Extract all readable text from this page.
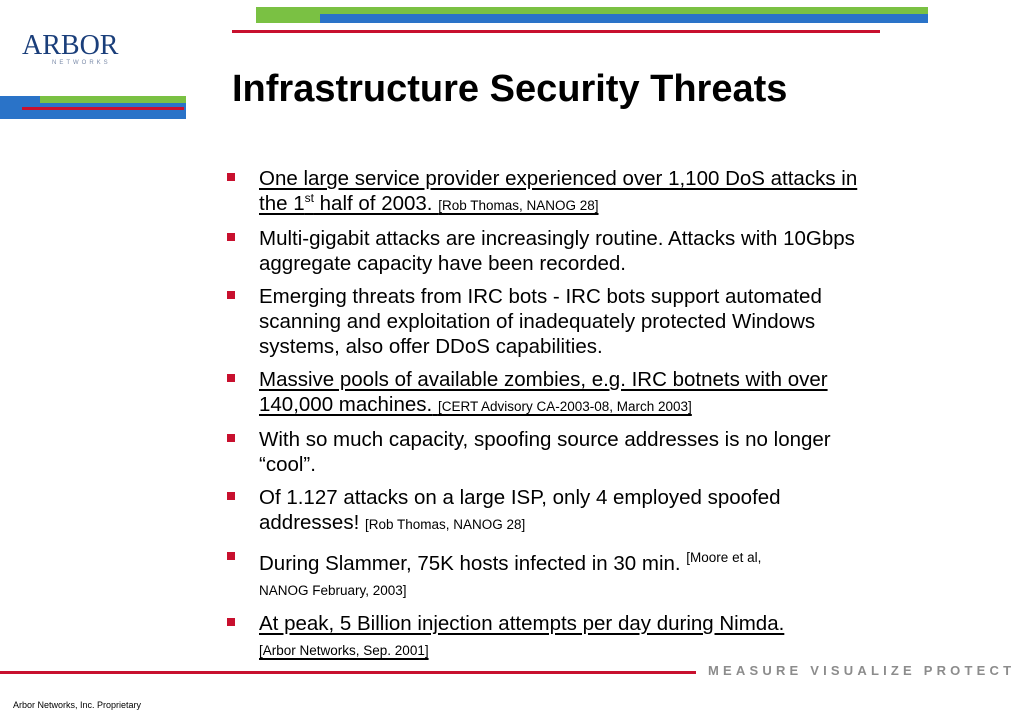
ARBOR
NETWORKS
Infrastructure Security Threats
One large service provider experienced over 1,100 DoS attacks in the 1st half of 2003. [Rob Thomas, NANOG 28]
Multi-gigabit attacks are increasingly routine. Attacks with 10Gbps aggregate capacity have been recorded.
Emerging threats from IRC bots - IRC bots support automated scanning and exploitation of inadequately protected Windows systems, also offer DDoS capabilities.
Massive pools of available zombies, e.g. IRC botnets with over 140,000 machines. [CERT Advisory CA-2003-08, March 2003]
With so much capacity, spoofing source addresses is no longer “cool”.
Of 1.127 attacks on a large ISP, only 4 employed spoofed addresses! [Rob Thomas, NANOG 28]
During Slammer, 75K hosts infected in 30 min. $^{[Moore et al,}$
NANOG February, 2003]
At peak, 5 Billion injection attempts per day during Nimda.
[Arbor Networks, Sep. 2001]
MEASURE VISUALIZE PROTECT
Arbor Networks, Inc. Proprietary
